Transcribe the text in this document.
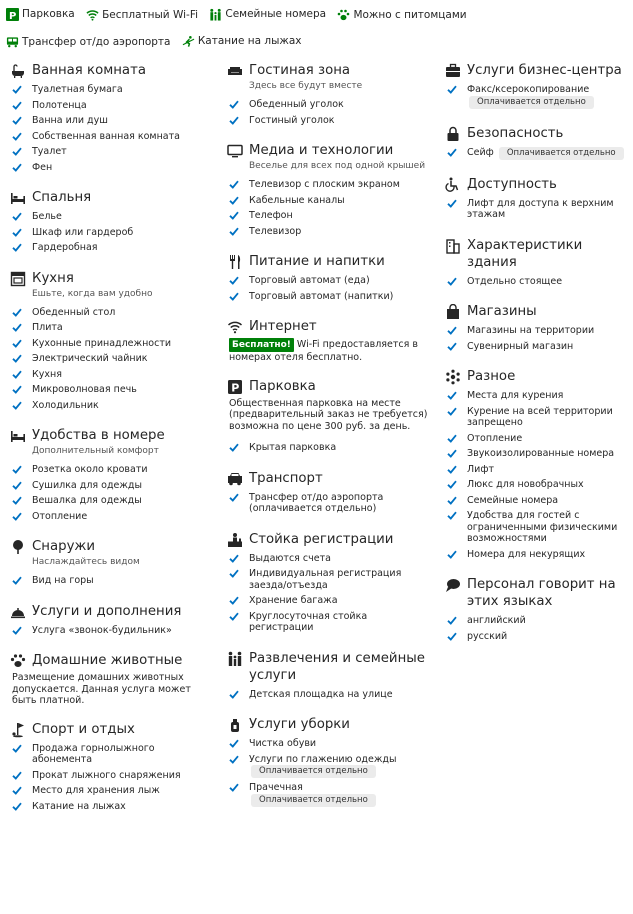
P Парковка
	Бесплатный Wi-Fi
	Семейные номера
	Можно с питомцами

Трансфер от/до аэропорта
	Катание на лыжах
Ванная комната
Туалетная бумага
Полотенца
Ванна или душ
Собственная ванная комната
Туалет
Фен
Спальня
Белье
Шкаф или гардероб
Гардеробная
Кухня
Ешьте, когда вам удобно
Обеденный стол
Плита
Кухонные принадлежности
Электрический чайник
Кухня
Микроволновая печь
Холодильник
Удобства в номере
Дополнительный комфорт
Розетка около кровати
Сушилка для одежды
Вешалка для одежды
Отопление
Снаружи
Наслаждайтесь видом
Вид на горы
Услуги и дополнения
Услуга «звонок-будильник»
Домашние животные
Размещение домашних животных допускается. Данная услуга может быть платной.
Спорт и отдых
Продажа горнолыжного абонемента
Прокат лыжного снаряжения
Место для хранения лыж
Катание на лыжах
Гостиная зона
Здесь все будут вместе
Обеденный уголок
Гостиный уголок
Медиа и технологии
Веселье для всех под одной крышей
Телевизор с плоским экраном
Кабельные каналы
Телефон
Телевизор
Питание и напитки
Торговый автомат (еда)
Торговый автомат (напитки)
Интернет
Бесплатно! Wi-Fi предоставляется в номерах отеля бесплатно.
P Парковка
Общественная парковка на месте (предварительный заказ не требуется) возможна по цене 300 руб. за день.
Крытая парковка
Транспорт
Трансфер от/до аэропорта (оплачивается отдельно)
Стойка регистрации
Выдаются счета
Индивидуальная регистрация заезда/отъезда
Хранение багажа
Круглосуточная стойка регистрации
Развлечения и семейные услуги
Детская площадка на улице
Услуги уборки
Чистка обуви
Услуги по глажению одежды
Оплачивается отдельно
Прачечная Оплачивается отдельно
Услуги бизнес-центра
Факс/ксерокопирование
Оплачивается отдельно
Безопасность
Сейф Оплачивается отдельно
Доступность
Лифт для доступа к верхним этажам
Характеристики здания
Отдельно стоящее
Магазины
Магазины на территории
Сувенирный магазин
Разное
Места для курения
Курение на всей территории запрещено
Отопление
Звукоизолированные номера
Лифт
Люкс для новобрачных
Семейные номера
Удобства для гостей с ограниченными физическими возможностями
Номера для некурящих
Персонал говорит на этих языках
английский
русский
